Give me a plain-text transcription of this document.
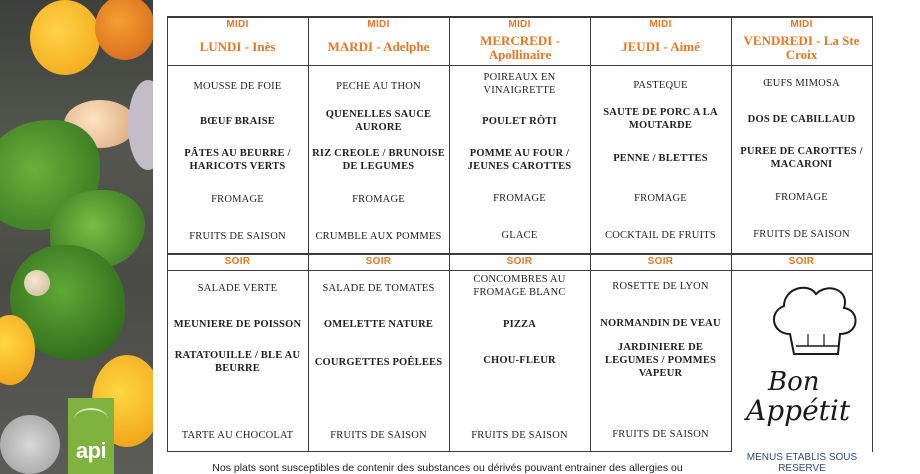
api
MIDI
LUNDI - Inès
MOUSSE DE FOIE
BŒUF BRAISE
PÂTES AU BEURRE / HARICOTS VERTS
FROMAGE
FRUITS DE SAISON
SOIR
SALADE VERTE
MEUNIERE DE POISSON
RATATOUILLE / BLE AU BEURRE
TARTE AU CHOCOLAT
MIDI
MARDI - Adelphe
PECHE AU THON
QUENELLES SAUCE AURORE
RIZ CREOLE / BRUNOISE DE LEGUMES
FROMAGE
CRUMBLE AUX POMMES
SOIR
SALADE DE TOMATES
OMELETTE NATURE
COURGETTES POÊLEES
FRUITS DE SAISON
MIDI
MERCREDI - Apollinaire
POIREAUX EN VINAIGRETTE
POULET RÔTI
POMME AU FOUR / JEUNES CAROTTES
FROMAGE
GLACE
SOIR
CONCOMBRES AU FROMAGE BLANC
PIZZA
CHOU-FLEUR
FRUITS DE SAISON
MIDI
JEUDI - Aimé
PASTEQUE
SAUTE DE PORC A LA MOUTARDE
PENNE / BLETTES
FROMAGE
COCKTAIL DE FRUITS
SOIR
ROSETTE DE LYON
NORMANDIN DE VEAU
JARDINIERE DE LEGUMES / POMMES VAPEUR
FRUITS DE SAISON
MIDI
VENDREDI - La Ste Croix
ŒUFS MIMOSA
DOS DE CABILLAUD
PUREE DE CAROTTES / MACARONI
FROMAGE
FRUITS DE SAISON
SOIR
Bon
Appétit
MENUS ETABLIS SOUS RESERVE
Nos plats sont susceptibles de contenir des substances ou dérivés pouvant entrainer des allergies ou
